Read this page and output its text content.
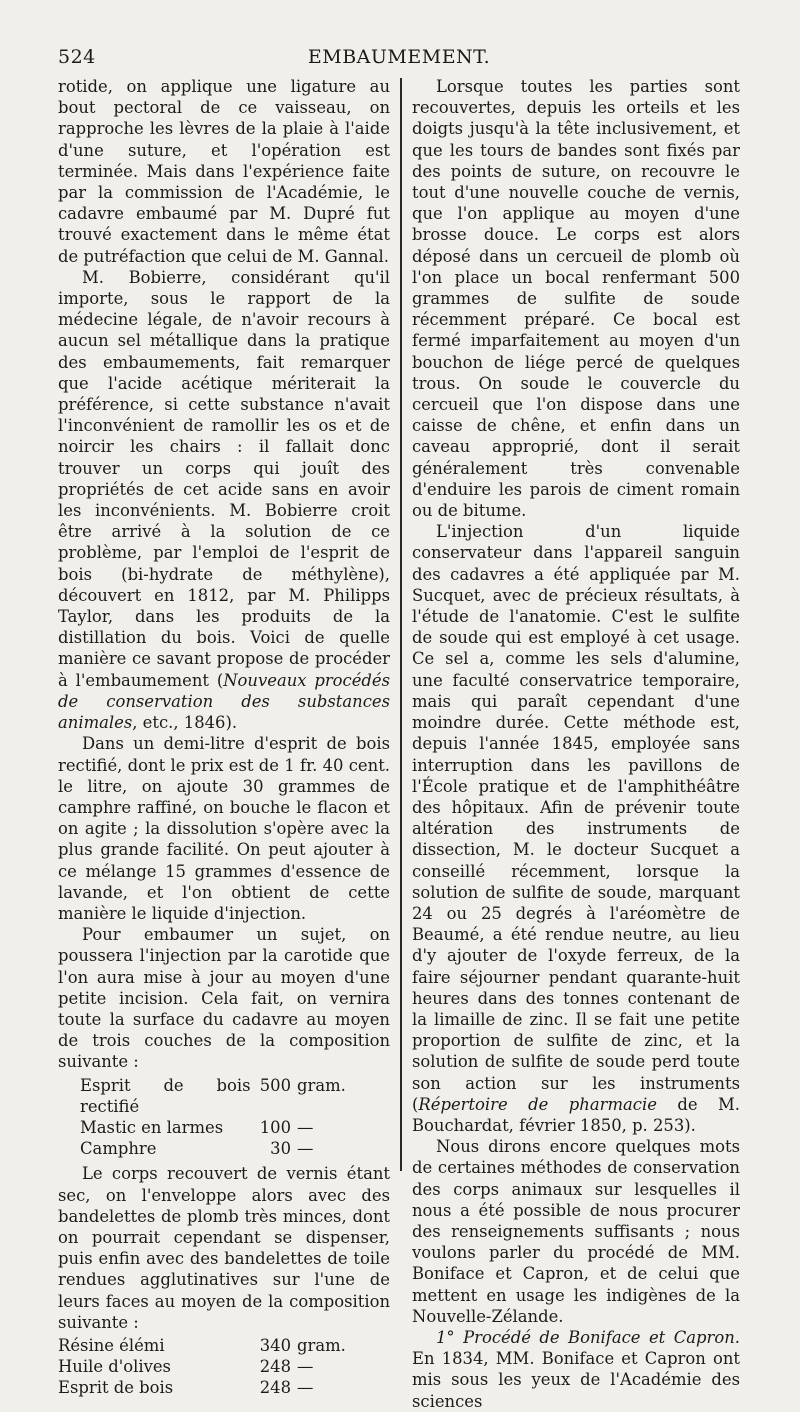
524	EMBAUMEMENT.

rotide, on applique une ligature au bout pectoral de ce vaisseau, on rapproche les lèvres de la plaie à l'aide d'une suture, et l'opération est terminée. Mais dans l'expérience faite par la commission de l'Académie, le cadavre embaumé par M. Dupré fut trouvé exactement dans le même état de putréfaction que celui de M. Gannal.

M. Bobierre, considérant qu'il importe, sous le rapport de la médecine légale, de n'avoir recours à aucun sel métallique dans la pratique des embaumements, fait remarquer que l'acide acétique mériterait la préférence, si cette substance n'avait l'inconvénient de ramollir les os et de noircir les chairs : il fallait donc trouver un corps qui jouît des propriétés de cet acide sans en avoir les inconvénients. M. Bobierre croit être arrivé à la solution de ce problème, par l'emploi de l'esprit de bois (bi-hydrate de méthylène), découvert en 1812, par M. Philipps Taylor, dans les produits de la distillation du bois. Voici de quelle manière ce savant propose de procéder à l'embaumement (Nouveaux procédés de conservation des substances animales, etc., 1846).

Dans un demi-litre d'esprit de bois rectifié, dont le prix est de 1 fr. 40 cent. le litre, on ajoute 30 grammes de camphre raffiné, on bouche le flacon et on agite ; la dissolution s'opère avec la plus grande facilité. On peut ajouter à ce mélange 15 grammes d'essence de lavande, et l'on obtient de cette manière le liquide d'injection.

Pour embaumer un sujet, on poussera l'injection par la carotide que l'on aura mise à jour au moyen d'une petite incision. Cela fait, on vernira toute la surface du cadavre au moyen de trois couches de la composition suivante :

Esprit de bois rectifié	500	gram.
Mastic en larmes	100	—
Camphre	30	—

Le corps recouvert de vernis étant sec, on l'enveloppe alors avec des bandelettes de plomb très minces, dont on pourrait cependant se dispenser, puis enfin avec des bandelettes de toile rendues agglutinatives sur l'une de leurs faces au moyen de la composition suivante :

Résine élémi	340	gram.
Huile d'olives	248	—
Esprit de bois	248	—

Lorsque toutes les parties sont recouvertes, depuis les orteils et les doigts jusqu'à la tête inclusivement, et que les tours de bandes sont fixés par des points de suture, on recouvre le tout d'une nouvelle couche de vernis, que l'on applique au moyen d'une brosse douce. Le corps est alors déposé dans un cercueil de plomb où l'on place un bocal renfermant 500 grammes de sulfite de soude récemment préparé. Ce bocal est fermé imparfaitement au moyen d'un bouchon de liége percé de quelques trous. On soude le couvercle du cercueil que l'on dispose dans une caisse de chêne, et enfin dans un caveau approprié, dont il serait généralement très convenable d'enduire les parois de ciment romain ou de bitume.

L'injection d'un liquide conservateur dans l'appareil sanguin des cadavres a été appliquée par M. Sucquet, avec de précieux résultats, à l'étude de l'anatomie. C'est le sulfite de soude qui est employé à cet usage. Ce sel a, comme les sels d'alumine, une faculté conservatrice temporaire, mais qui paraît cependant d'une moindre durée. Cette méthode est, depuis l'année 1845, employée sans interruption dans les pavillons de l'École pratique et de l'amphithéâtre des hôpitaux. Afin de prévenir toute altération des instruments de dissection, M. le docteur Sucquet a conseillé récemment, lorsque la solution de sulfite de soude, marquant 24 ou 25 degrés à l'aréomètre de Beaumé, a été rendue neutre, au lieu d'y ajouter de l'oxyde ferreux, de la faire séjourner pendant quarante-huit heures dans des tonnes contenant de la limaille de zinc. Il se fait une petite proportion de sulfite de zinc, et la solution de sulfite de soude perd toute son action sur les instruments (Répertoire de pharmacie de M. Bouchardat, février 1850, p. 253).

Nous dirons encore quelques mots de certaines méthodes de conservation des corps animaux sur lesquelles il nous a été possible de nous procurer des renseignements suffisants ; nous voulons parler du procédé de MM. Boniface et Capron, et de celui que mettent en usage les indigènes de la Nouvelle-Zélande.

1° Procédé de Boniface et Capron. En 1834, MM. Boniface et Capron ont mis sous les yeux de l'Académie des sciences
